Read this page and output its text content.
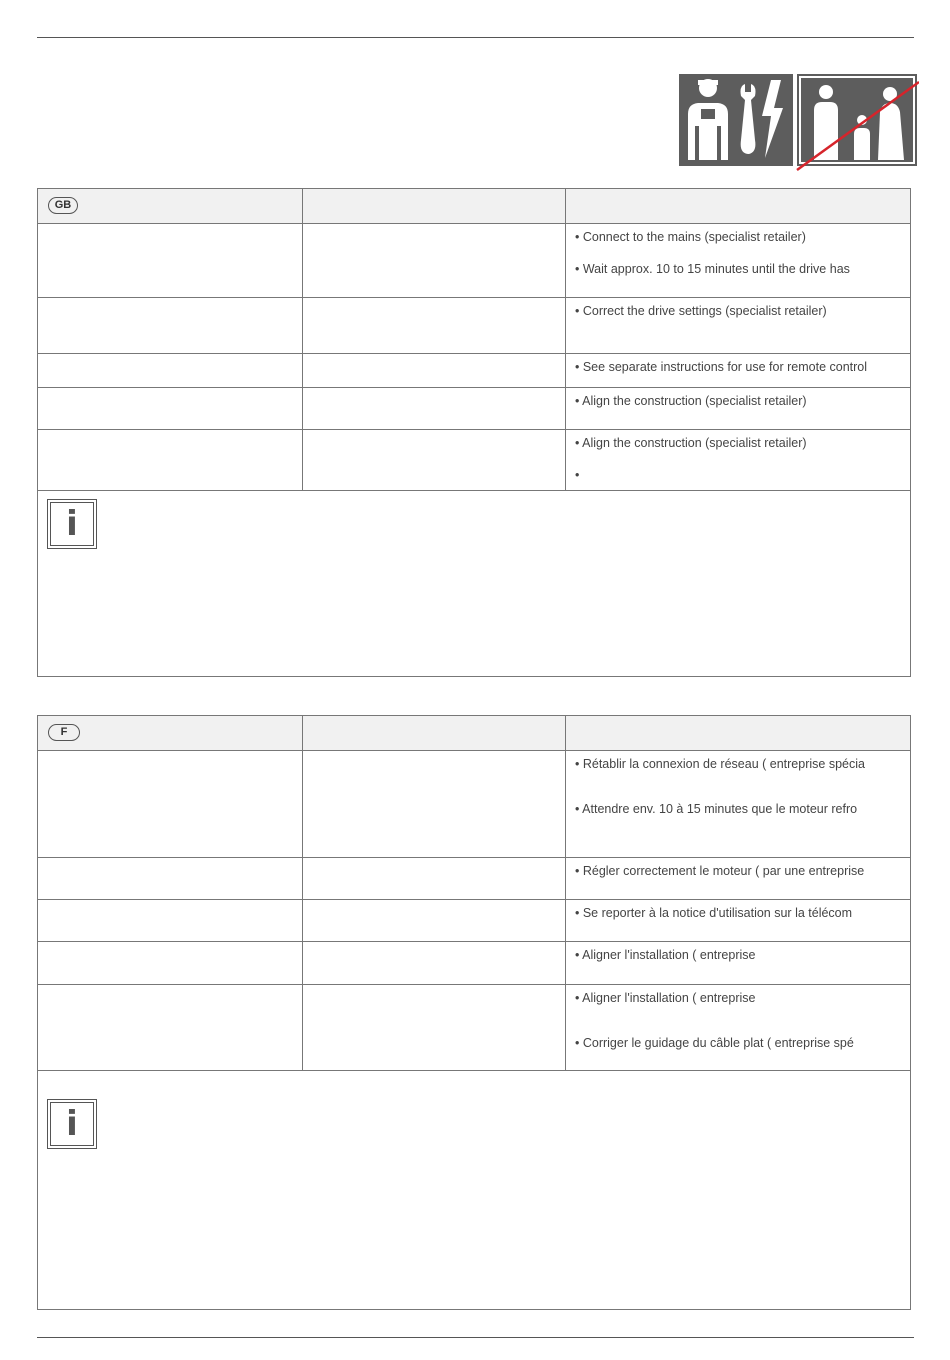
GB		

		• Connect to the mains (specialist retailer)
• Wait approx. 10 to 15 minutes until the drive has

		• Correct the drive settings (specialist retailer)

		• See separate instructions for use for remote control

		• Align the construction (specialist retailer)

		• Align the construction (specialist retailer)
•

i		
F		

		• Rétablir la connexion de réseau ( entreprise spécia
• Attendre env. 10 à 15 minutes que le moteur refro

		• Régler correctement le moteur ( par une entreprise

		• Se reporter à la notice d'utilisation sur la télécom

		• Aligner l'installation ( entreprise

		• Aligner l'installation ( entreprise
• Corriger le guidage du câble plat ( entreprise spé

i		
